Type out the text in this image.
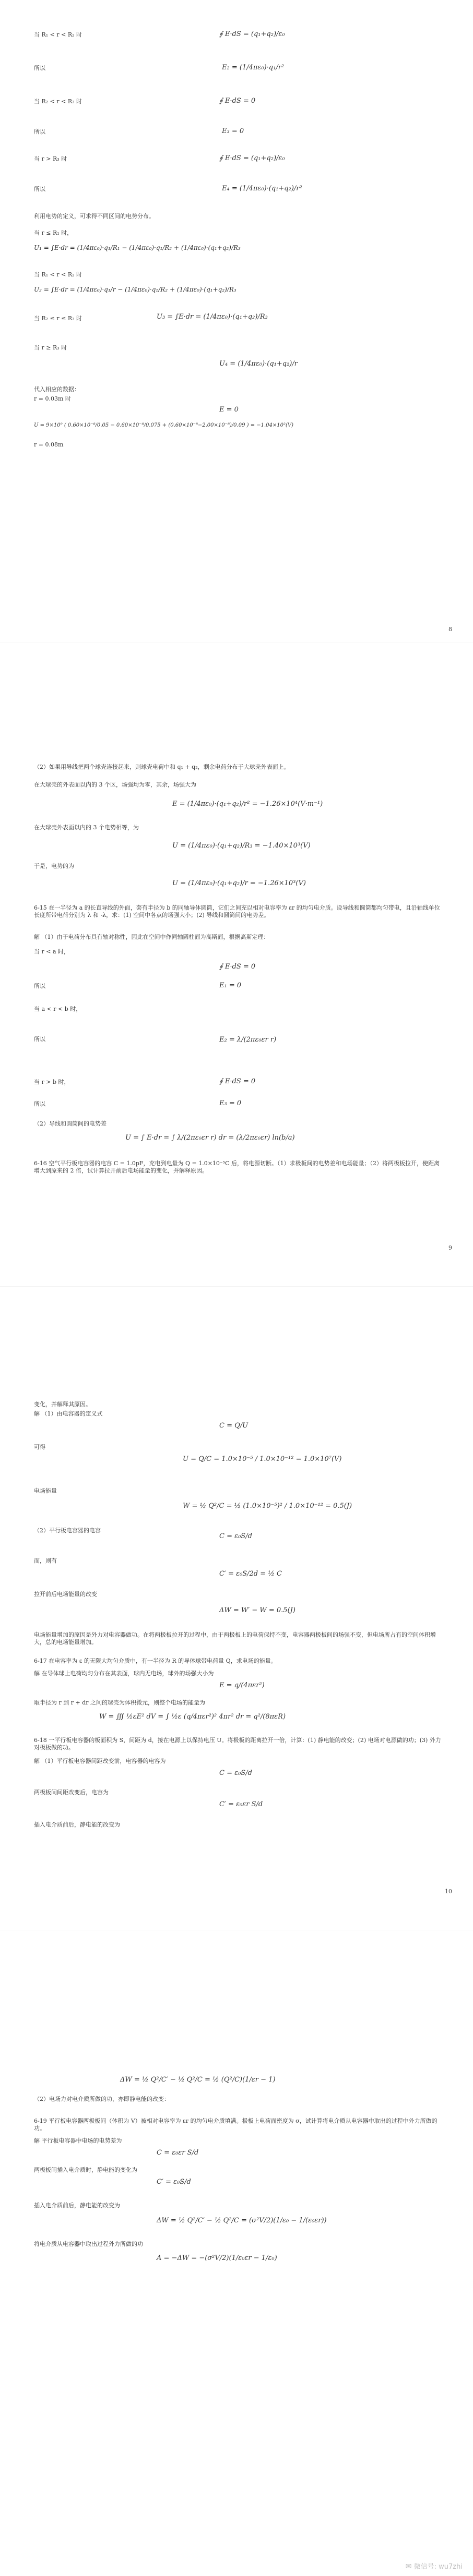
当 R₁ < r < R₂ 时	∮ E·dS = (q₁+q₂)/ε₀
所以	E₂ = (1/4πε₀)·q₁/r²
当 R₂ < r < R₃ 时	∮ E·dS = 0
所以	E₃ = 0
当 r > R₃ 时	∮ E·dS = (q₁+q₂)/ε₀
所以	E₄ = (1/4πε₀)·(q₁+q₂)/r²
利用电势的定义，可求得不同区间的电势分布。
当 r ≤ R₁ 时，
U₁ = ∫E·dr = (1/4πε₀)·q₁/R₁ − (1/4πε₀)·q₁/R₂ + (1/4πε₀)·(q₁+q₂)/R₃
当 R₁ < r < R₂ 时
U₂ = ∫E·dr = (1/4πε₀)·q₁/r − (1/4πε₀)·q₁/R₂ + (1/4πε₀)·(q₁+q₂)/R₃
当 R₂ ≤ r ≤ R₃ 时	U₃ = ∫E·dr = (1/4πε₀)·(q₁+q₂)/R₃
当 r ≥ R₃ 时
U₄ = (1/4πε₀)·(q₁+q₂)/r
代入相应的数据：
r = 0.03m 时
E = 0
U = 9×10⁹ ( 0.60×10⁻⁸/0.05 − 0.60×10⁻⁸/0.075 + (0.60×10⁻⁸−2.00×10⁻⁸)/0.09 ) = −1.04×10²(V)
r = 0.08m
8
（2）如果用导线把两个球壳连接起来，则球壳电荷中和 q₁ + q₂，剩余电荷分布于大球壳外表面上。
在大球壳的外表面以内的 3 个区，场强均为零，其余，场强大为
E = (1/4πε₀)·(q₁+q₂)/r² = −1.26×10⁴(V·m⁻¹)
在大球壳外表面以内的 3 个电势相等，为
U = (1/4πε₀)·(q₁+q₂)/R₃ = −1.40×10³(V)
于是，电势的为
U = (1/4πε₀)·(q₁+q₂)/r = −1.26×10³(V)
6-15 在一半径为 a 的长直导线的外面，套有半径为 b 的同轴导体圆筒，它们之间充以相对电容率为 εr 的均匀电介质。设导线和圆筒都均匀带电，且沿轴线单位长度所带电荷分别为 λ 和 -λ，求：(1) 空间中各点的场强大小；(2) 导线和圆筒间的电势差。
解 （1）由于电荷分布具有轴对称性，因此在空间中作同轴圆柱面为高斯面，根据高斯定理：
当 r < a 时，
∮ E·dS = 0
所以	E₁ = 0
当 a < r < b 时，
所以	E₂ = λ/(2πε₀εr r)
当 r > b 时，	∮ E·dS = 0
所以	E₃ = 0
（2）导线和圆筒间的电势差
U = ∫ E·dr = ∫ λ/(2πε₀εr r) dr = (λ/2πε₀εr) ln(b/a)
6-16 空气平行板电容器的电容 C = 1.0pF，充电到电量为 Q = 1.0×10⁻⁵C 后，将电源切断。（1）求极板间的电势差和电场能量；（2）将两极板拉开，使距离增大到原来的 2 倍，试计算拉开前后电场能量的变化，并解释原因。
9
变化，并解释其原因。
解 （1）由电容器的定义式
C = Q/U
可得
U = Q/C = 1.0×10⁻⁵ / 1.0×10⁻¹² = 1.0×10⁷(V)
电场能量
W = ½ Q²/C = ½ (1.0×10⁻⁵)² / 1.0×10⁻¹² = 0.5(J)
（2）平行板电容器的电容
C = ε₀S/d
而，则有
C′ = ε₀S/2d = ½ C
拉开前后电场能量的改变
ΔW = W′ − W = 0.5(J)
电场能量增加的原因是外力对电容器做功。在将两极板拉开的过程中，由于两极板上的电荷保持不变，电容器两极板间的场强不变，但电场所占有的空间体积增大，总的电场能量增加。
6-17 在电容率为 ε 的无限大均匀介质中，有一半径为 R 的导体球带电荷量 Q，求电场的能量。
解 在导体球上电荷均匀分布在其表面，球内无电场，球外的场强大小为
E = q/(4πεr²)
取半径为 r 到 r + dr 之间的球壳为体积微元，则整个电场的能量为
W = ∭ ½εE² dV = ∫ ½ε (q/4πεr²)² 4πr² dr = q²/(8πεR)
6-18 一平行板电容器的板面积为 S，间距为 d，接在电源上以保持电压 U。将极板的距离拉开一倍，计算：(1) 静电能的改变；(2) 电场对电源做的功；(3) 外力对极板做的功。
解 （1）平行板电容器间距改变前，电容器的电容为
C = ε₀S/d
两极板间间距改变后，电容为
C′ = ε₀εr S/d
插入电介质前后，静电能的改变为
10
ΔW = ½ Q²/C′ − ½ Q²/C = ½ (Q²/C)(1/εr − 1)
（2）电场力对电介质所做的功，亦即静电能的改变：
6-19 平行板电容器两极板间（体积为 V）被相对电容率为 εr 的均匀电介质填满。极板上电荷面密度为 σ，试计算将电介质从电容器中取出的过程中外力所做的功。
解 平行板电容器中电场的电势差为
C = ε₀εr S/d
两极板间插入电介质时，静电能的变化为
C′ = ε₀S/d
插入电介质前后，静电能的改变为
ΔW = ½ Q²/C′ − ½ Q²/C = (σ²V/2)(1/ε₀ − 1/(ε₀εr))
将电介质从电容器中取出过程外力所做的功
A = −ΔW = −(σ²V/2)(1/ε₀εr − 1/ε₀)
✉ 微信号: wu7zhi
